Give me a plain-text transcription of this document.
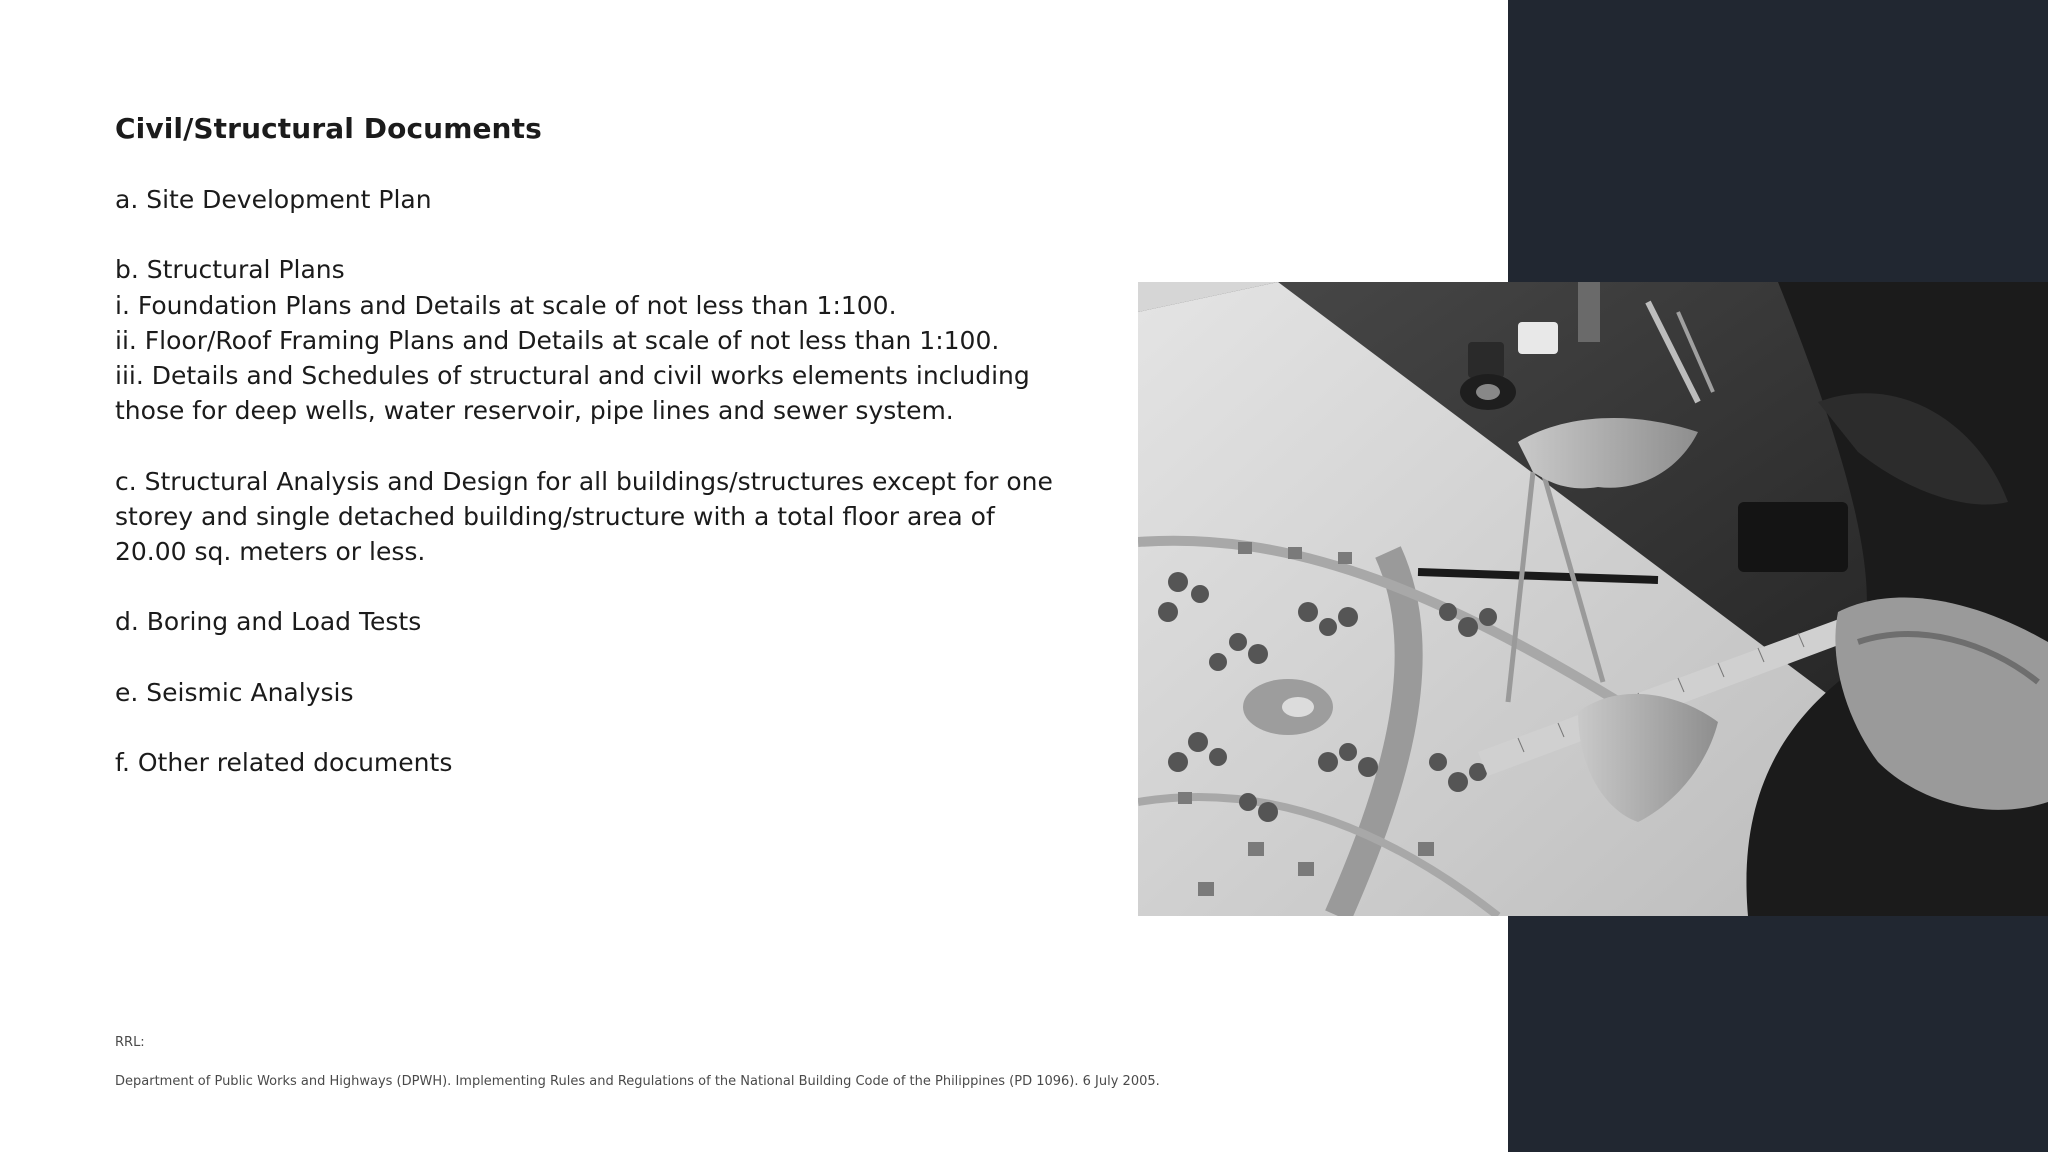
Civil/Structural Documents

a. Site Development Plan

b. Structural Plans
i. Foundation Plans and Details at scale of not less than 1:100.
ii. Floor/Roof Framing Plans and Details at scale of not less than 1:100.
iii. Details and Schedules of structural and civil works elements including
those for deep wells, water reservoir, pipe lines and sewer system.

c. Structural Analysis and Design for all buildings/structures except for one
storey and single detached building/structure with a total floor area of
20.00 sq. meters or less.

d. Boring and Load Tests

e. Seismic Analysis

f. Other related documents

RRL:
Department of Public Works and Highways (DPWH). Implementing Rules and Regulations of the National Building Code of the Philippines (PD 1096). 6 July 2005.
